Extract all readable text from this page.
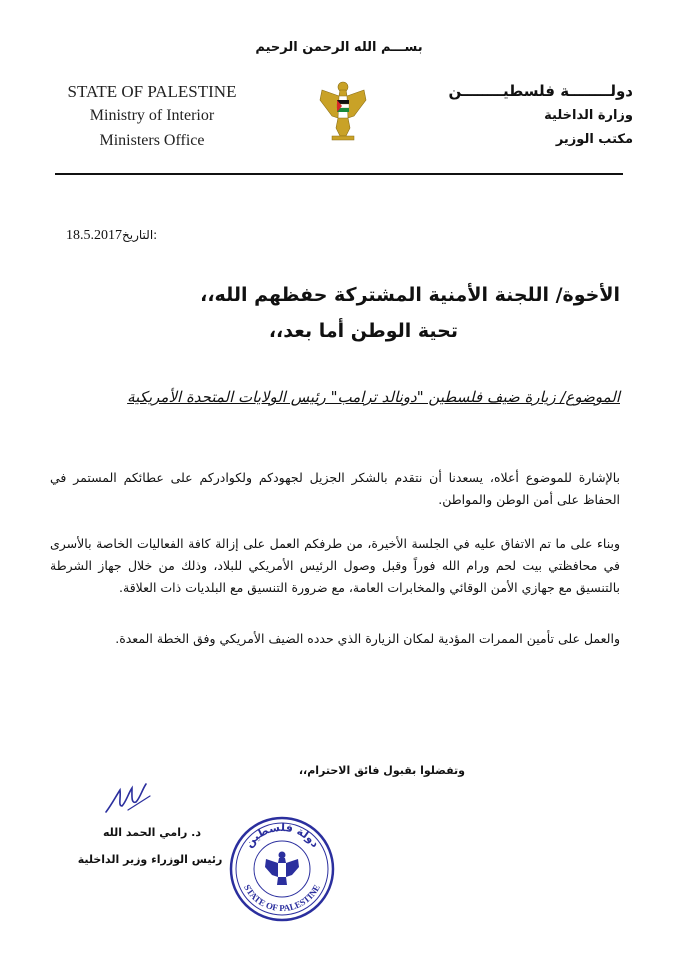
بســـم الله الرحمن الرحيم
STATE OF PALESTINE
Ministry of Interior
Ministers Office
دولــــــــة فلسطيــــــــن
وزارة الداخلية
مكتب الوزير
18.5.2017التاريخ:
الأخوة/ اللجنة الأمنية المشتركة حفظهم الله،،
تحية الوطن أما بعد،،
الموضوع/ زيارة ضيف فلسطين "دونالد ترامب" رئيس الولايات المتحدة الأمريكية
بالإشارة للموضوع أعلاه، يسعدنا أن نتقدم بالشكر الجزيل لجهودكم ولكوادركم على عطائكم المستمر في الحفاظ على أمن الوطن والمواطن.
وبناء على ما تم الاتفاق عليه في الجلسة الأخيرة، من طرفكم العمل على إزالة كافة الفعاليات الخاصة بالأسرى في محافظتي بيت لحم ورام الله فوراً وقبل وصول الرئيس الأمريكي للبلاد، وذلك من خلال جهاز الشرطة بالتنسيق مع جهازي الأمن الوقائي والمخابرات العامة، مع ضرورة التنسيق مع البلديات ذات العلاقة.
والعمل على تأمين الممرات المؤدية لمكان الزيارة الذي حدده الضيف الأمريكي وفق الخطة المعدة.
وتفضلوا بقبول فائق الاحترام،،
د. رامي الحمد الله
رئيس الوزراء وزير الداخلية
دولة فلسطين
STATE OF PALESTINE
